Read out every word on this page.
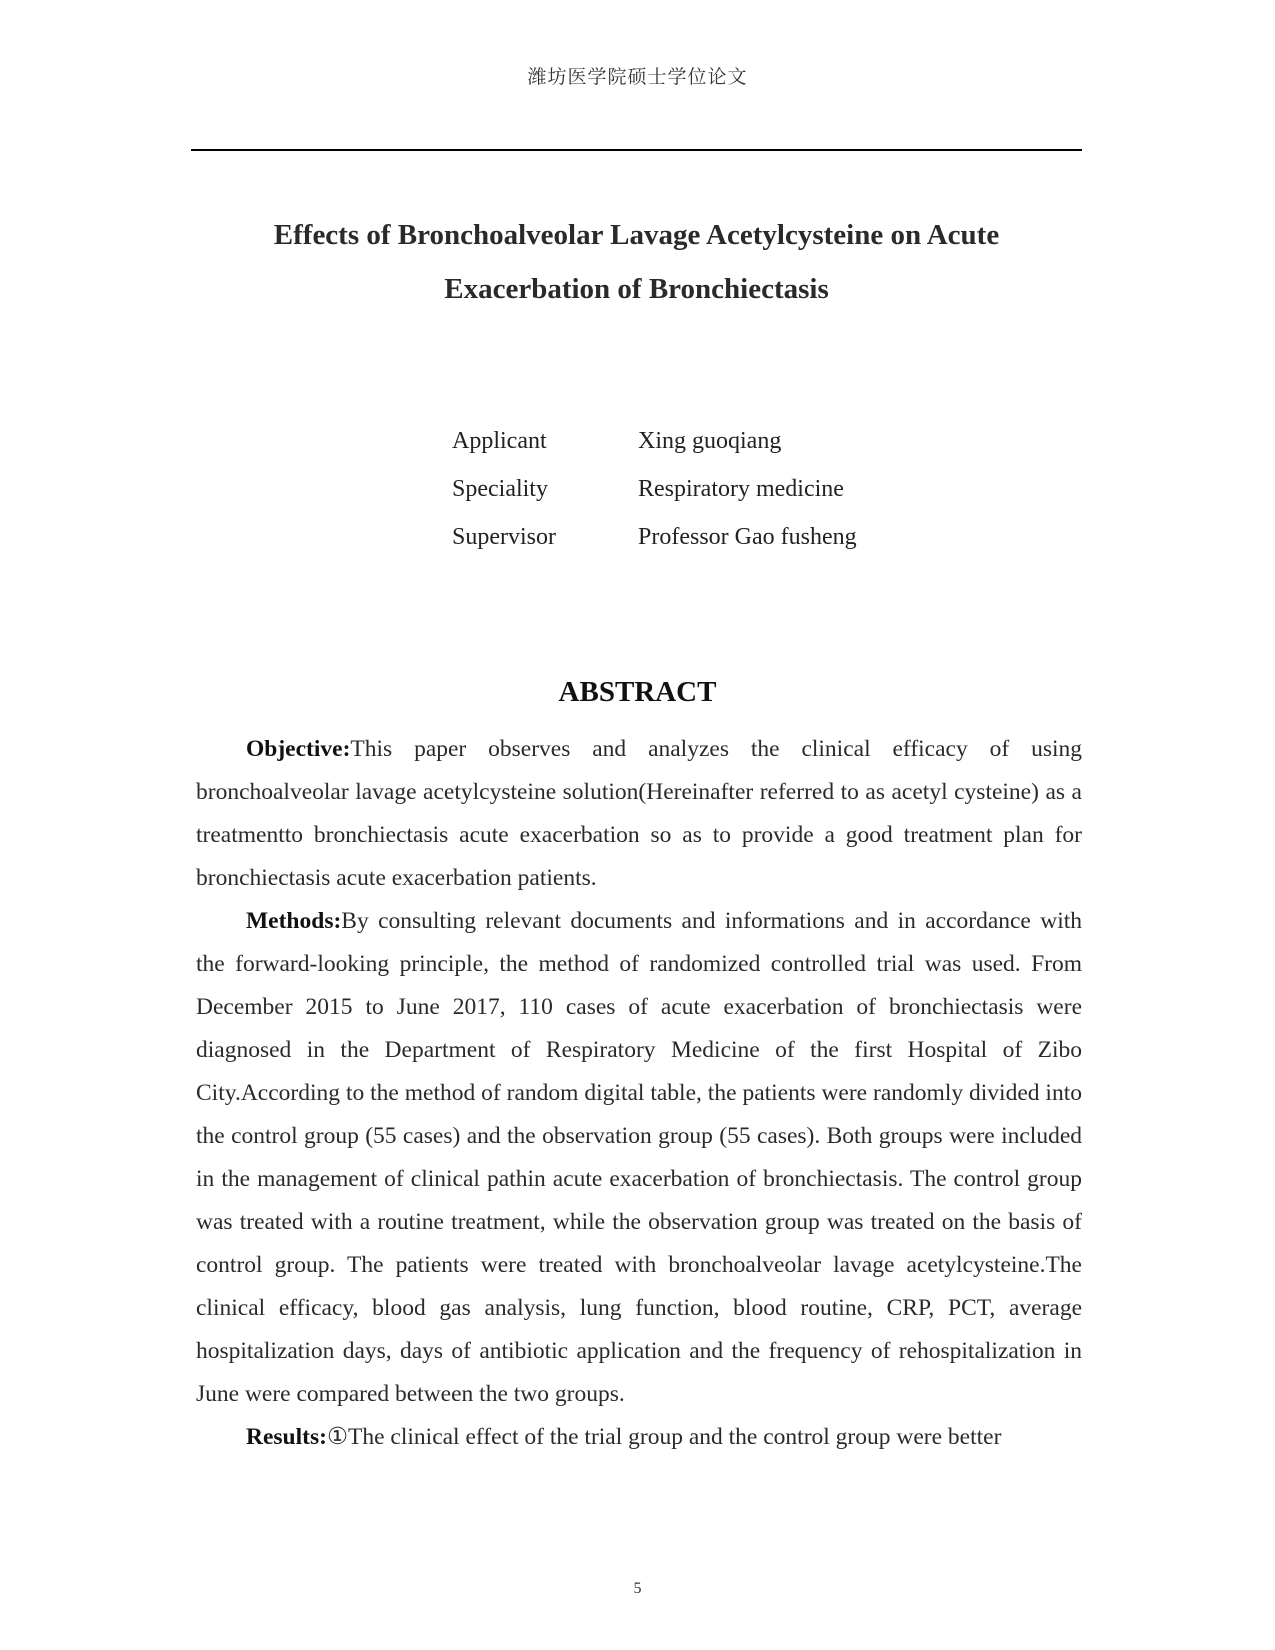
潍坊医学院硕士学位论文
Effects of Bronchoalveolar Lavage Acetylcysteine on Acute
Exacerbation of Bronchiectasis
Applicant	Xing guoqiang
Speciality	Respiratory medicine
Supervisor	Professor Gao fusheng
ABSTRACT

Objective:This paper observes and analyzes the clinical efficacy of using bronchoalveolar lavage acetylcysteine solution(Hereinafter referred to as acetyl cysteine) as a treatmentto bronchiectasis acute exacerbation so as to provide a good treatment plan for bronchiectasis acute exacerbation patients.

Methods:By consulting relevant documents and informations and in accordance with the forward-looking principle, the method of randomized controlled trial was used. From December 2015 to June 2017, 110 cases of acute exacerbation of bronchiectasis were diagnosed in the Department of Respiratory Medicine of the first Hospital of Zibo City.According to the method of random digital table, the patients were randomly divided into the control group (55 cases) and the observation group (55 cases). Both groups were included in the management of clinical pathin acute exacerbation of bronchiectasis. The control group was treated with a routine treatment, while the observation group was treated on the basis of control group. The patients were treated with bronchoalveolar lavage acetylcysteine.The clinical efficacy, blood gas analysis, lung function, blood routine, CRP, PCT, average hospitalization days, days of antibiotic application and the frequency of rehospitalization in June were compared between the two groups.

Results:①The clinical effect of the trial group and the control group were better

5
